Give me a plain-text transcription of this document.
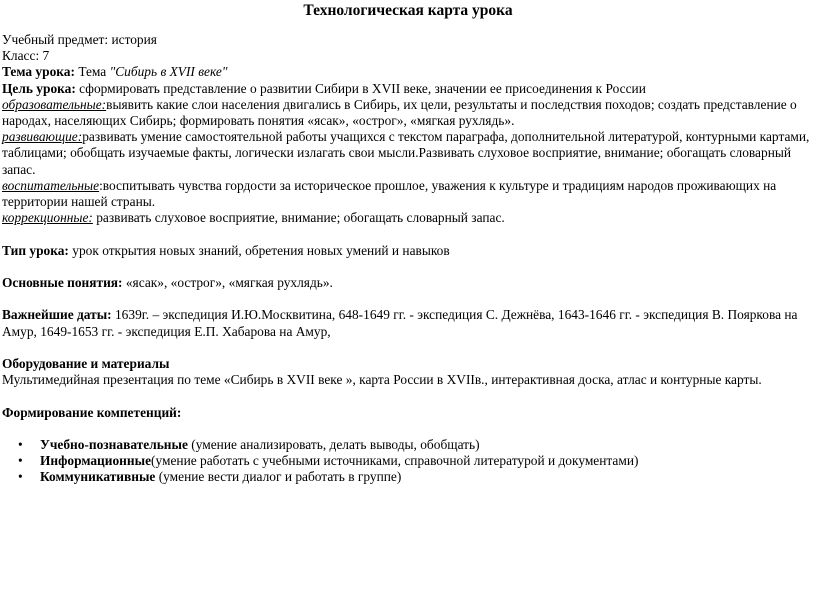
Технологическая карта урока

Учебный предмет: история

Класс: 7

Тема урока: Тема "Сибирь в XVII веке"

Цель урока: сформировать представление о развитии Сибири в XVII веке, значении ее присоединения к России

образовательные:выявить какие слои населения двигались в Сибирь, их цели, результаты и последствия походов; создать представление о народах, населяющих Сибирь; формировать понятия «ясак», «острог», «мягкая рухлядь».

развивающие:развивать умение самостоятельной работы учащихся с текстом параграфа, дополнительной литературой, контурными картами, таблицами; обобщать изучаемые факты, логически излагать свои мысли.Развивать слуховое восприятие, внимание; обогащать словарный запас.

воспитательные:воспитывать чувства гордости за историческое прошлое, уважения к культуре и традициям народов проживающих на территории нашей страны.

коррекционные: развивать слуховое восприятие, внимание; обогащать словарный запас.

Тип урока: урок открытия новых знаний, обретения новых умений и навыков

Основные понятия: «ясак», «острог», «мягкая рухлядь».

Важнейшие даты: 1639г. – экспедиция И.Ю.Москвитина, 648-1649 гг. - экспедиция С. Дежнёва, 1643-1646 гг. - экспедиция В. Пояркова на Амур, 1649-1653 гг. - экспедиция Е.П. Хабарова на Амур,

Оборудование и материалы

Мультимедийная презентация по теме «Сибирь в XVII веке », карта России в XVIIв., интерактивная доска, атлас и контурные карты.

Формирование компетенций:

• Учебно-познавательные (умение анализировать, делать выводы, обобщать)
• Информационные(умение работать с учебными источниками, справочной литературой и документами)
• Коммуникативные (умение вести диалог и работать в группе)
